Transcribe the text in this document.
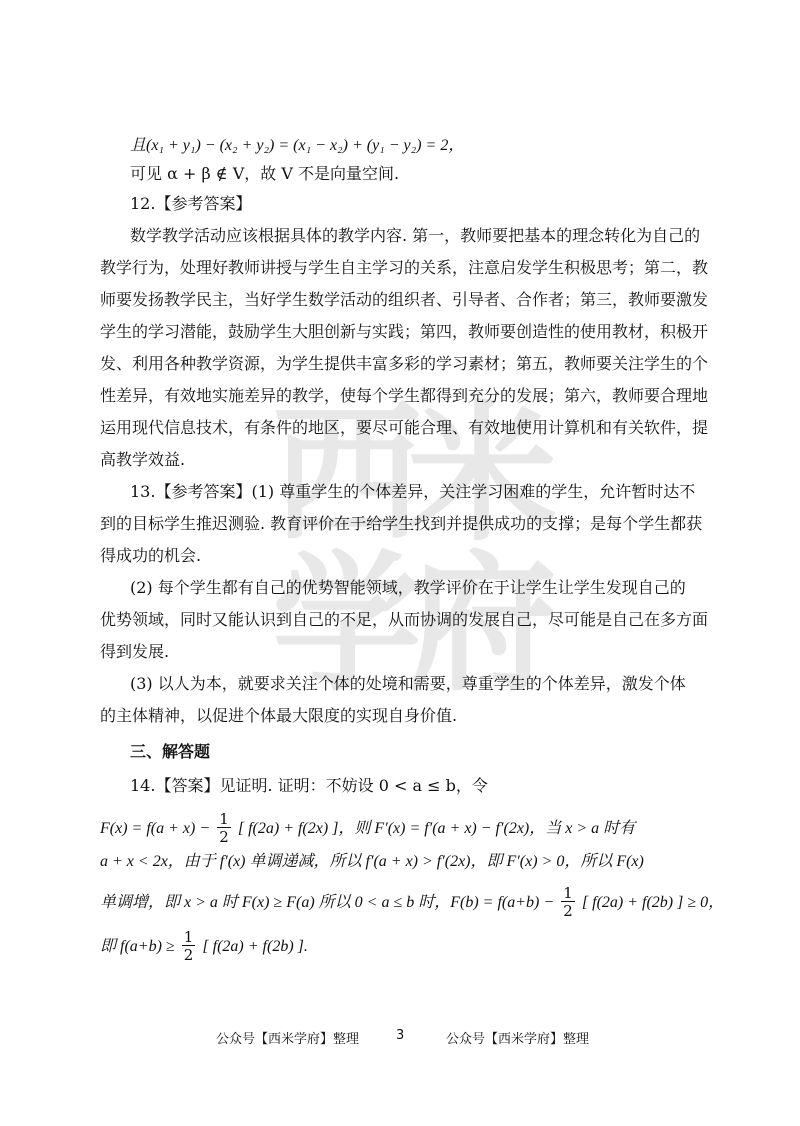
西
米
学
府
且(x₁ + y₁) − (x₂ + y₂) = (x₁ − x₂) + (y₁ − y₂) = 2，
可见 α + β ∉ V，故 V 不是向量空间.
12.【参考答案】
数学教学活动应该根据具体的教学内容. 第一，教师要把基本的理念转化为自己的
教学行为，处理好教师讲授与学生自主学习的关系，注意启发学生积极思考；第二，教
师要发扬教学民主，当好学生数学活动的组织者、引导者、合作者；第三，教师要激发
学生的学习潜能，鼓励学生大胆创新与实践；第四，教师要创造性的使用教材，积极开
发、利用各种教学资源，为学生提供丰富多彩的学习素材；第五，教师要关注学生的个
性差异，有效地实施差异的教学，使每个学生都得到充分的发展；第六，教师要合理地
运用现代信息技术，有条件的地区，要尽可能合理、有效地使用计算机和有关软件，提
高教学效益.
13.【参考答案】(1) 尊重学生的个体差异，关注学习困难的学生，允许暂时达不
到的目标学生推迟测验. 教育评价在于给学生找到并提供成功的支撑；是每个学生都获
得成功的机会.
(2) 每个学生都有自己的优势智能领域，教学评价在于让学生让学生发现自己的
优势领域，同时又能认识到自己的不足，从而协调的发展自己，尽可能是自己在多方面
得到发展.
(3) 以人为本，就要求关注个体的处境和需要，尊重学生的个体差异，激发个体
的主体精神，以促进个体最大限度的实现自身价值.
三、解答题
14.【答案】见证明. 证明：不妨设 0 < a ≤ b，令
$F(x) = f(a + x) - \frac{1}{2}$ [ f(2a) + f(2x) ]，则 F′(x) = f′(a + x) − f′(2x)，当 x > a 时有
a + x < 2x，由于 f′(x) 单调递减，所以 f′(a + x) > f′(2x)，即 F′(x) > 0，所以 F(x)
单调增，即 x > a 时 F(x) ≥ F(a) 所以 0 < a ≤ b 时，$F(b) = f(a+b) - \frac{1}{2}$ [ f(2a) + f(2b) ] ≥ 0，
即 $f(a+b) \ge \frac{1}{2}$ [ f(2a) + f(2b) ].
公众号【西米学府】整理	3	公众号【西米学府】整理
